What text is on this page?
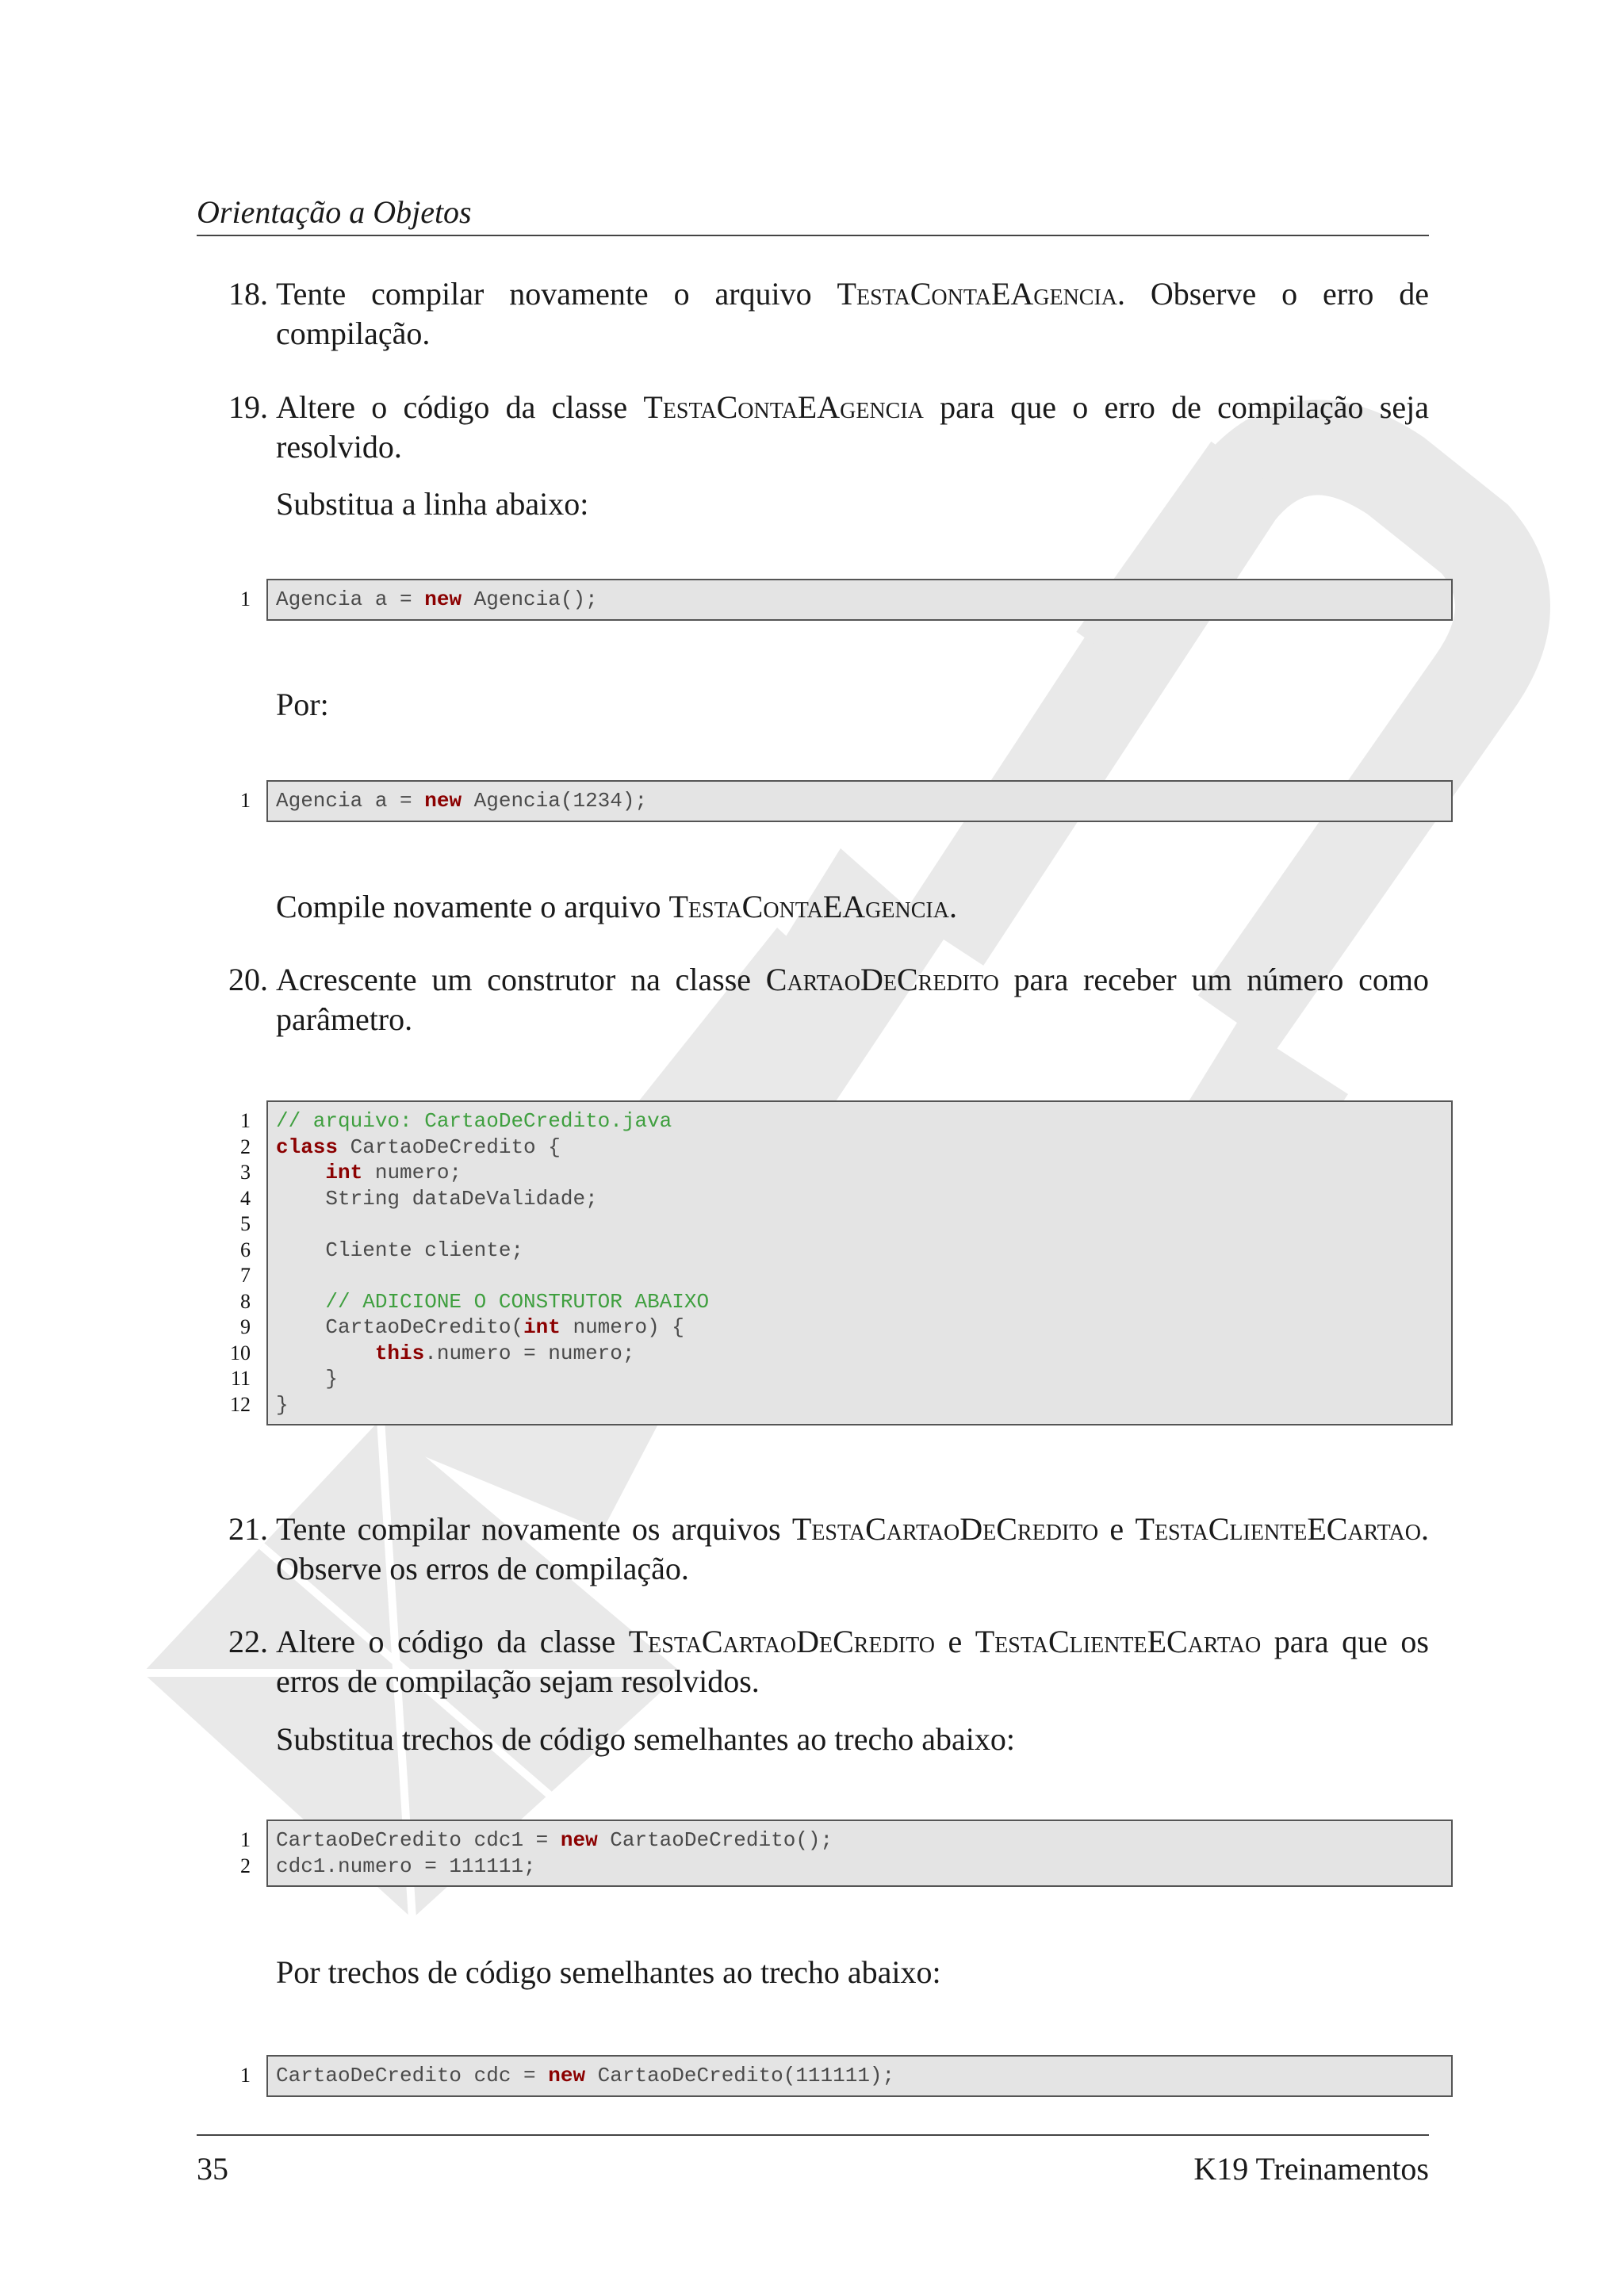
Orientação a Objetos
18. Tente compilar novamente o arquivo TestaContaEAgencia. Observe o erro de compilação.
19. Altere o código da classe TestaContaEAgencia para que o erro de compilação seja resolvido.
Substitua a linha abaixo:
1 Agencia a = new Agencia();
Por:
1 Agencia a = new Agencia(1234);
Compile novamente o arquivo TestaContaEAgencia.
20. Acrescente um construtor na classe CartaoDeCredito para receber um número como parâmetro.
1
2
3
4
5
6
7
8
9
10
11
12
// arquivo: CartaoDeCredito.java
class CartaoDeCredito {
int numero;
String dataDeValidade;
Cliente cliente;
// ADICIONE O CONSTRUTOR ABAIXO
CartaoDeCredito(int numero) {
this.numero = numero;
}
}
21. Tente compilar novamente os arquivos TestaCartaoDeCredito e TestaClienteECartao. Observe os erros de compilação.
22. Altere o código da classe TestaCartaoDeCredito e TestaClienteECartao para que os erros de compilação sejam resolvidos.
Substitua trechos de código semelhantes ao trecho abaixo:
1
2
CartaoDeCredito cdc1 = new CartaoDeCredito();
cdc1.numero = 111111;
Por trechos de código semelhantes ao trecho abaixo:
1 CartaoDeCredito cdc = new CartaoDeCredito(111111);
35	K19 Treinamentos
